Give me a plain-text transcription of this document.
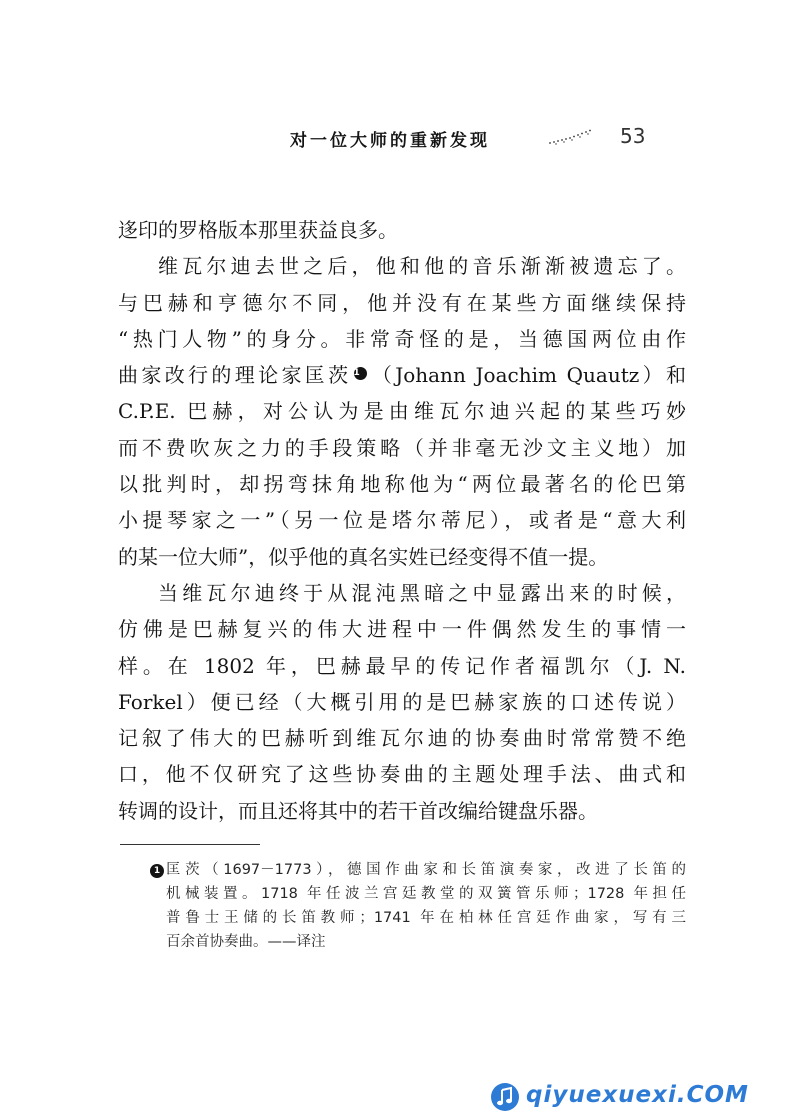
对一位大师的重新发现	53
迻印的罗格版本那里获益良多。
维瓦尔迪去世之后，他和他的音乐渐渐被遗忘了。
与巴赫和亨德尔不同，他并没有在某些方面继续保持
“热门人物”的身分。非常奇怪的是，当德国两位由作
曲家改行的理论家匡茨 1 （Johann Joachim Quautz）和
C.P.E. 巴赫，对公认为是由维瓦尔迪兴起的某些巧妙
而不费吹灰之力的手段策略（并非毫无沙文主义地）加
以批判时，却拐弯抹角地称他为“两位最著名的伦巴第
小提琴家之一”（另一位是塔尔蒂尼），或者是“意大利
的某一位大师”，似乎他的真名实姓已经变得不值一提。
当维瓦尔迪终于从混沌黑暗之中显露出来的时候，
仿佛是巴赫复兴的伟大进程中一件偶然发生的事情一
样。在 1802 年，巴赫最早的传记作者福凯尔（J. N.
Forkel）便已经（大概引用的是巴赫家族的口述传说）
记叙了伟大的巴赫听到维瓦尔迪的协奏曲时常常赞不绝
口，他不仅研究了这些协奏曲的主题处理手法、曲式和
转调的设计，而且还将其中的若干首改编给键盘乐器。
1 匡茨（1697－1773），德国作曲家和长笛演奏家，改进了长笛的
机械装置。1718 年任波兰宫廷教堂的双簧管乐师；1728 年担任
普鲁士王储的长笛教师；1741 年在柏林任宫廷作曲家，写有三
百余首协奏曲。——译注
qiyuexuexi.COM
